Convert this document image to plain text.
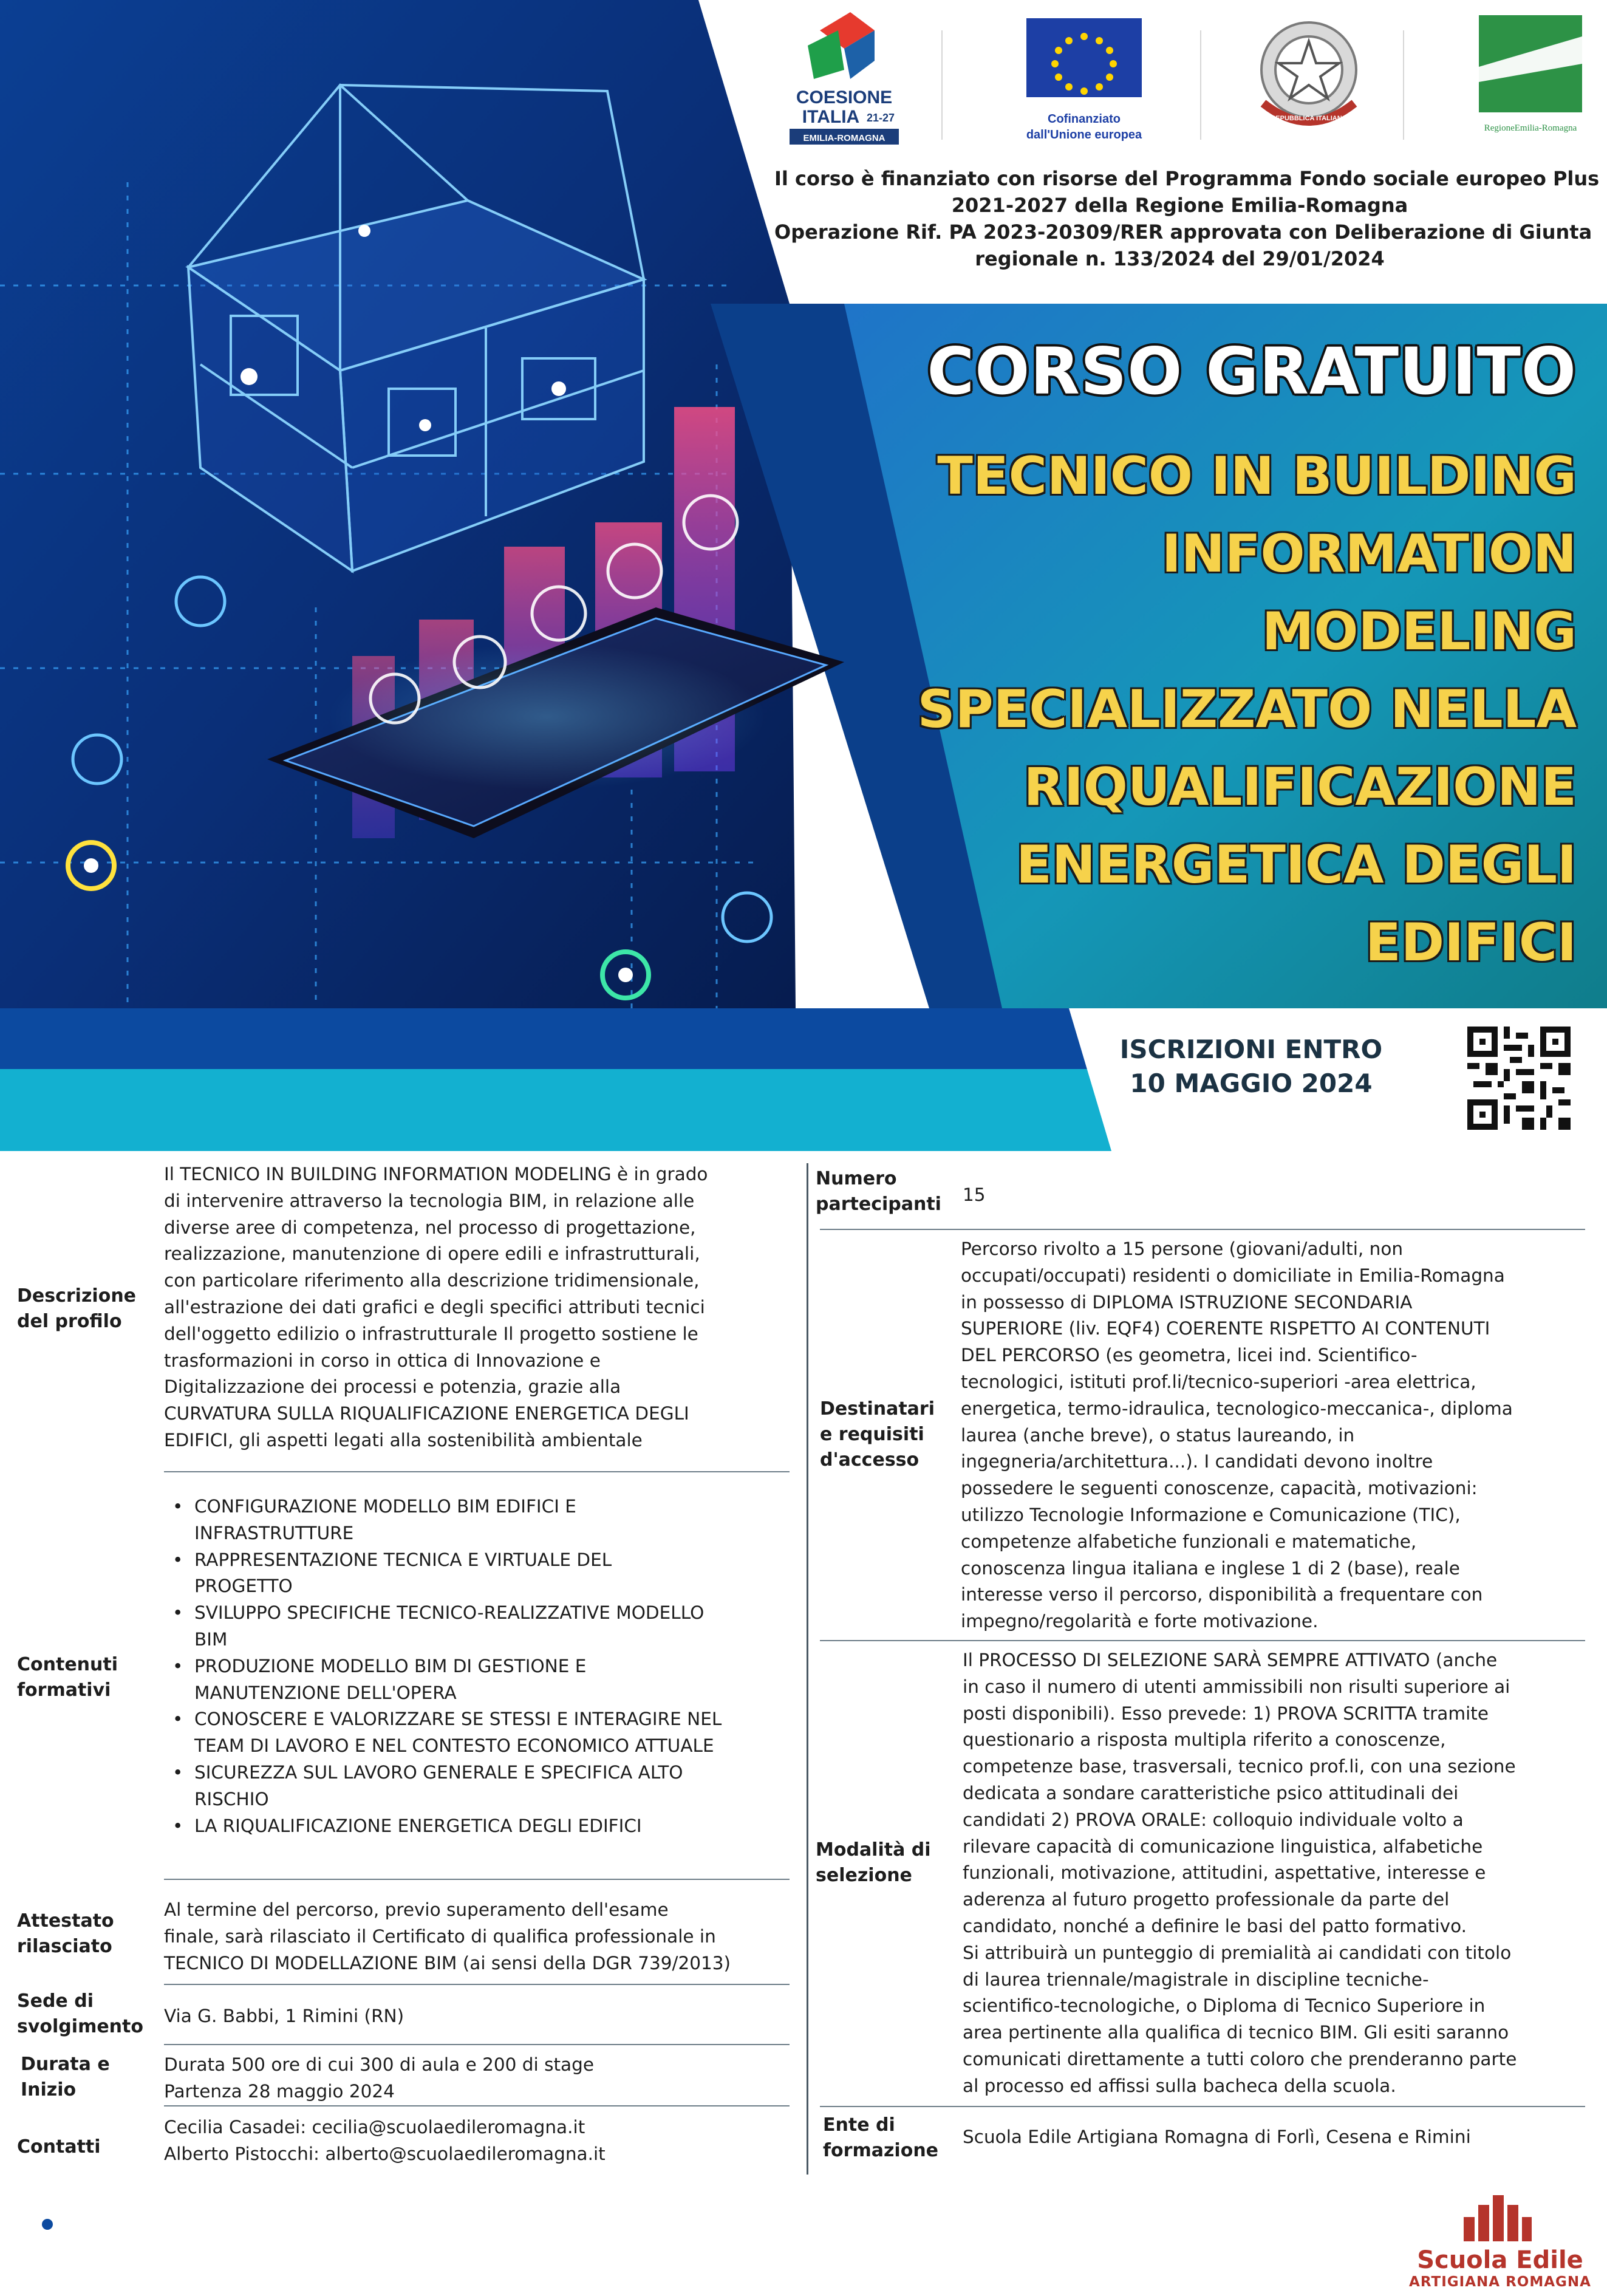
COESIONE
ITALIA 21-27
EMILIA-ROMAGNA
Cofinanziato
dall'Unione europea
REPUBBLICA ITALIANA
RegioneEmilia-Romagna
Il corso è finanziato con risorse del Programma Fondo sociale europeo Plus
2021-2027 della Regione Emilia-Romagna
Operazione Rif. PA 2023-20309/RER approvata con Deliberazione di Giunta
regionale n. 133/2024 del 29/01/2024
CORSO GRATUITO
TECNICO IN BUILDING
INFORMATION
MODELING
SPECIALIZZATO NELLA
RIQUALIFICAZIONE
ENERGETICA DEGLI
EDIFICI
ISCRIZIONI ENTRO
10 MAGGIO 2024
Descrizione
del profilo
Il TECNICO IN BUILDING INFORMATION MODELING è in grado
di intervenire attraverso la tecnologia BIM, in relazione alle
diverse aree di competenza, nel processo di progettazione,
realizzazione, manutenzione di opere edili e infrastrutturali,
con particolare riferimento alla descrizione tridimensionale,
all'estrazione dei dati grafici e degli specifici attributi tecnici
dell'oggetto edilizio o infrastrutturale Il progetto sostiene le
trasformazioni in corso in ottica di Innovazione e
Digitalizzazione dei processi e potenzia, grazie alla
CURVATURA SULLA RIQUALIFICAZIONE ENERGETICA DEGLI
EDIFICI, gli aspetti legati alla sostenibilità ambientale
Contenuti
formativi
• CONFIGURAZIONE MODELLO BIM EDIFICI E
INFRASTRUTTURE
• RAPPRESENTAZIONE TECNICA E VIRTUALE DEL
PROGETTO
• SVILUPPO SPECIFICHE TECNICO-REALIZZATIVE MODELLO
BIM
• PRODUZIONE MODELLO BIM DI GESTIONE E
MANUTENZIONE DELL'OPERA
• CONOSCERE E VALORIZZARE SE STESSI E INTERAGIRE NEL
TEAM DI LAVORO E NEL CONTESTO ECONOMICO ATTUALE
• SICUREZZA SUL LAVORO GENERALE E SPECIFICA ALTO
RISCHIO
• LA RIQUALIFICAZIONE ENERGETICA DEGLI EDIFICI
Attestato
rilasciato
Al termine del percorso, previo superamento dell'esame
finale, sarà rilasciato il Certificato di qualifica professionale in
TECNICO DI MODELLAZIONE BIM (ai sensi della DGR 739/2013)
Sede di
svolgimento Via G. Babbi, 1 Rimini (RN)
Durata e
Inizio
Durata 500 ore di cui 300 di aula e 200 di stage
Partenza 28 maggio 2024
Contatti
Cecilia Casadei: cecilia@scuolaedileromagna.it
Alberto Pistocchi: alberto@scuolaedileromagna.it
Numero
partecipanti 15
Destinatari
e requisiti
d'accesso
Percorso rivolto a 15 persone (giovani/adulti, non
occupati/occupati) residenti o domiciliate in Emilia-Romagna
in possesso di DIPLOMA ISTRUZIONE SECONDARIA
SUPERIORE (liv. EQF4) COERENTE RISPETTO AI CONTENUTI
DEL PERCORSO (es geometra, licei ind. Scientifico-
tecnologici, istituti prof.li/tecnico-superiori -area elettrica,
energetica, termo-idraulica, tecnologico-meccanica-, diploma
laurea (anche breve), o status laureando, in
ingegneria/architettura...). I candidati devono inoltre
possedere le seguenti conoscenze, capacità, motivazioni:
utilizzo Tecnologie Informazione e Comunicazione (TIC),
competenze alfabetiche funzionali e matematiche,
conoscenza lingua italiana e inglese 1 di 2 (base), reale
interesse verso il percorso, disponibilità a frequentare con
impegno/regolarità e forte motivazione.
Modalità di
selezione
Il PROCESSO DI SELEZIONE SARÀ SEMPRE ATTIVATO (anche
in caso il numero di utenti ammissibili non risulti superiore ai
posti disponibili). Esso prevede: 1) PROVA SCRITTA tramite
questionario a risposta multipla riferito a conoscenze,
competenze base, trasversali, tecnico prof.li, con una sezione
dedicata a sondare caratteristiche psico attitudinali dei
candidati 2) PROVA ORALE: colloquio individuale volto a
rilevare capacità di comunicazione linguistica, alfabetiche
funzionali, motivazione, attitudini, aspettative, interesse e
aderenza al futuro progetto professionale da parte del
candidato, nonché a definire le basi del patto formativo.
Si attribuirà un punteggio di premialità ai candidati con titolo
di laurea triennale/magistrale in discipline tecniche-
scientifico-tecnologiche, o Diploma di Tecnico Superiore in
area pertinente alla qualifica di tecnico BIM. Gli esiti saranno
comunicati direttamente a tutti coloro che prenderanno parte
al processo ed affissi sulla bacheca della scuola.
Ente di
formazione
Scuola Edile Artigiana Romagna di Forlì, Cesena e Rimini
Via G. Babbi, 1 Rimini (RN)
0543.745832	Scuola Edile
ARTIGIANA ROMAGNA
